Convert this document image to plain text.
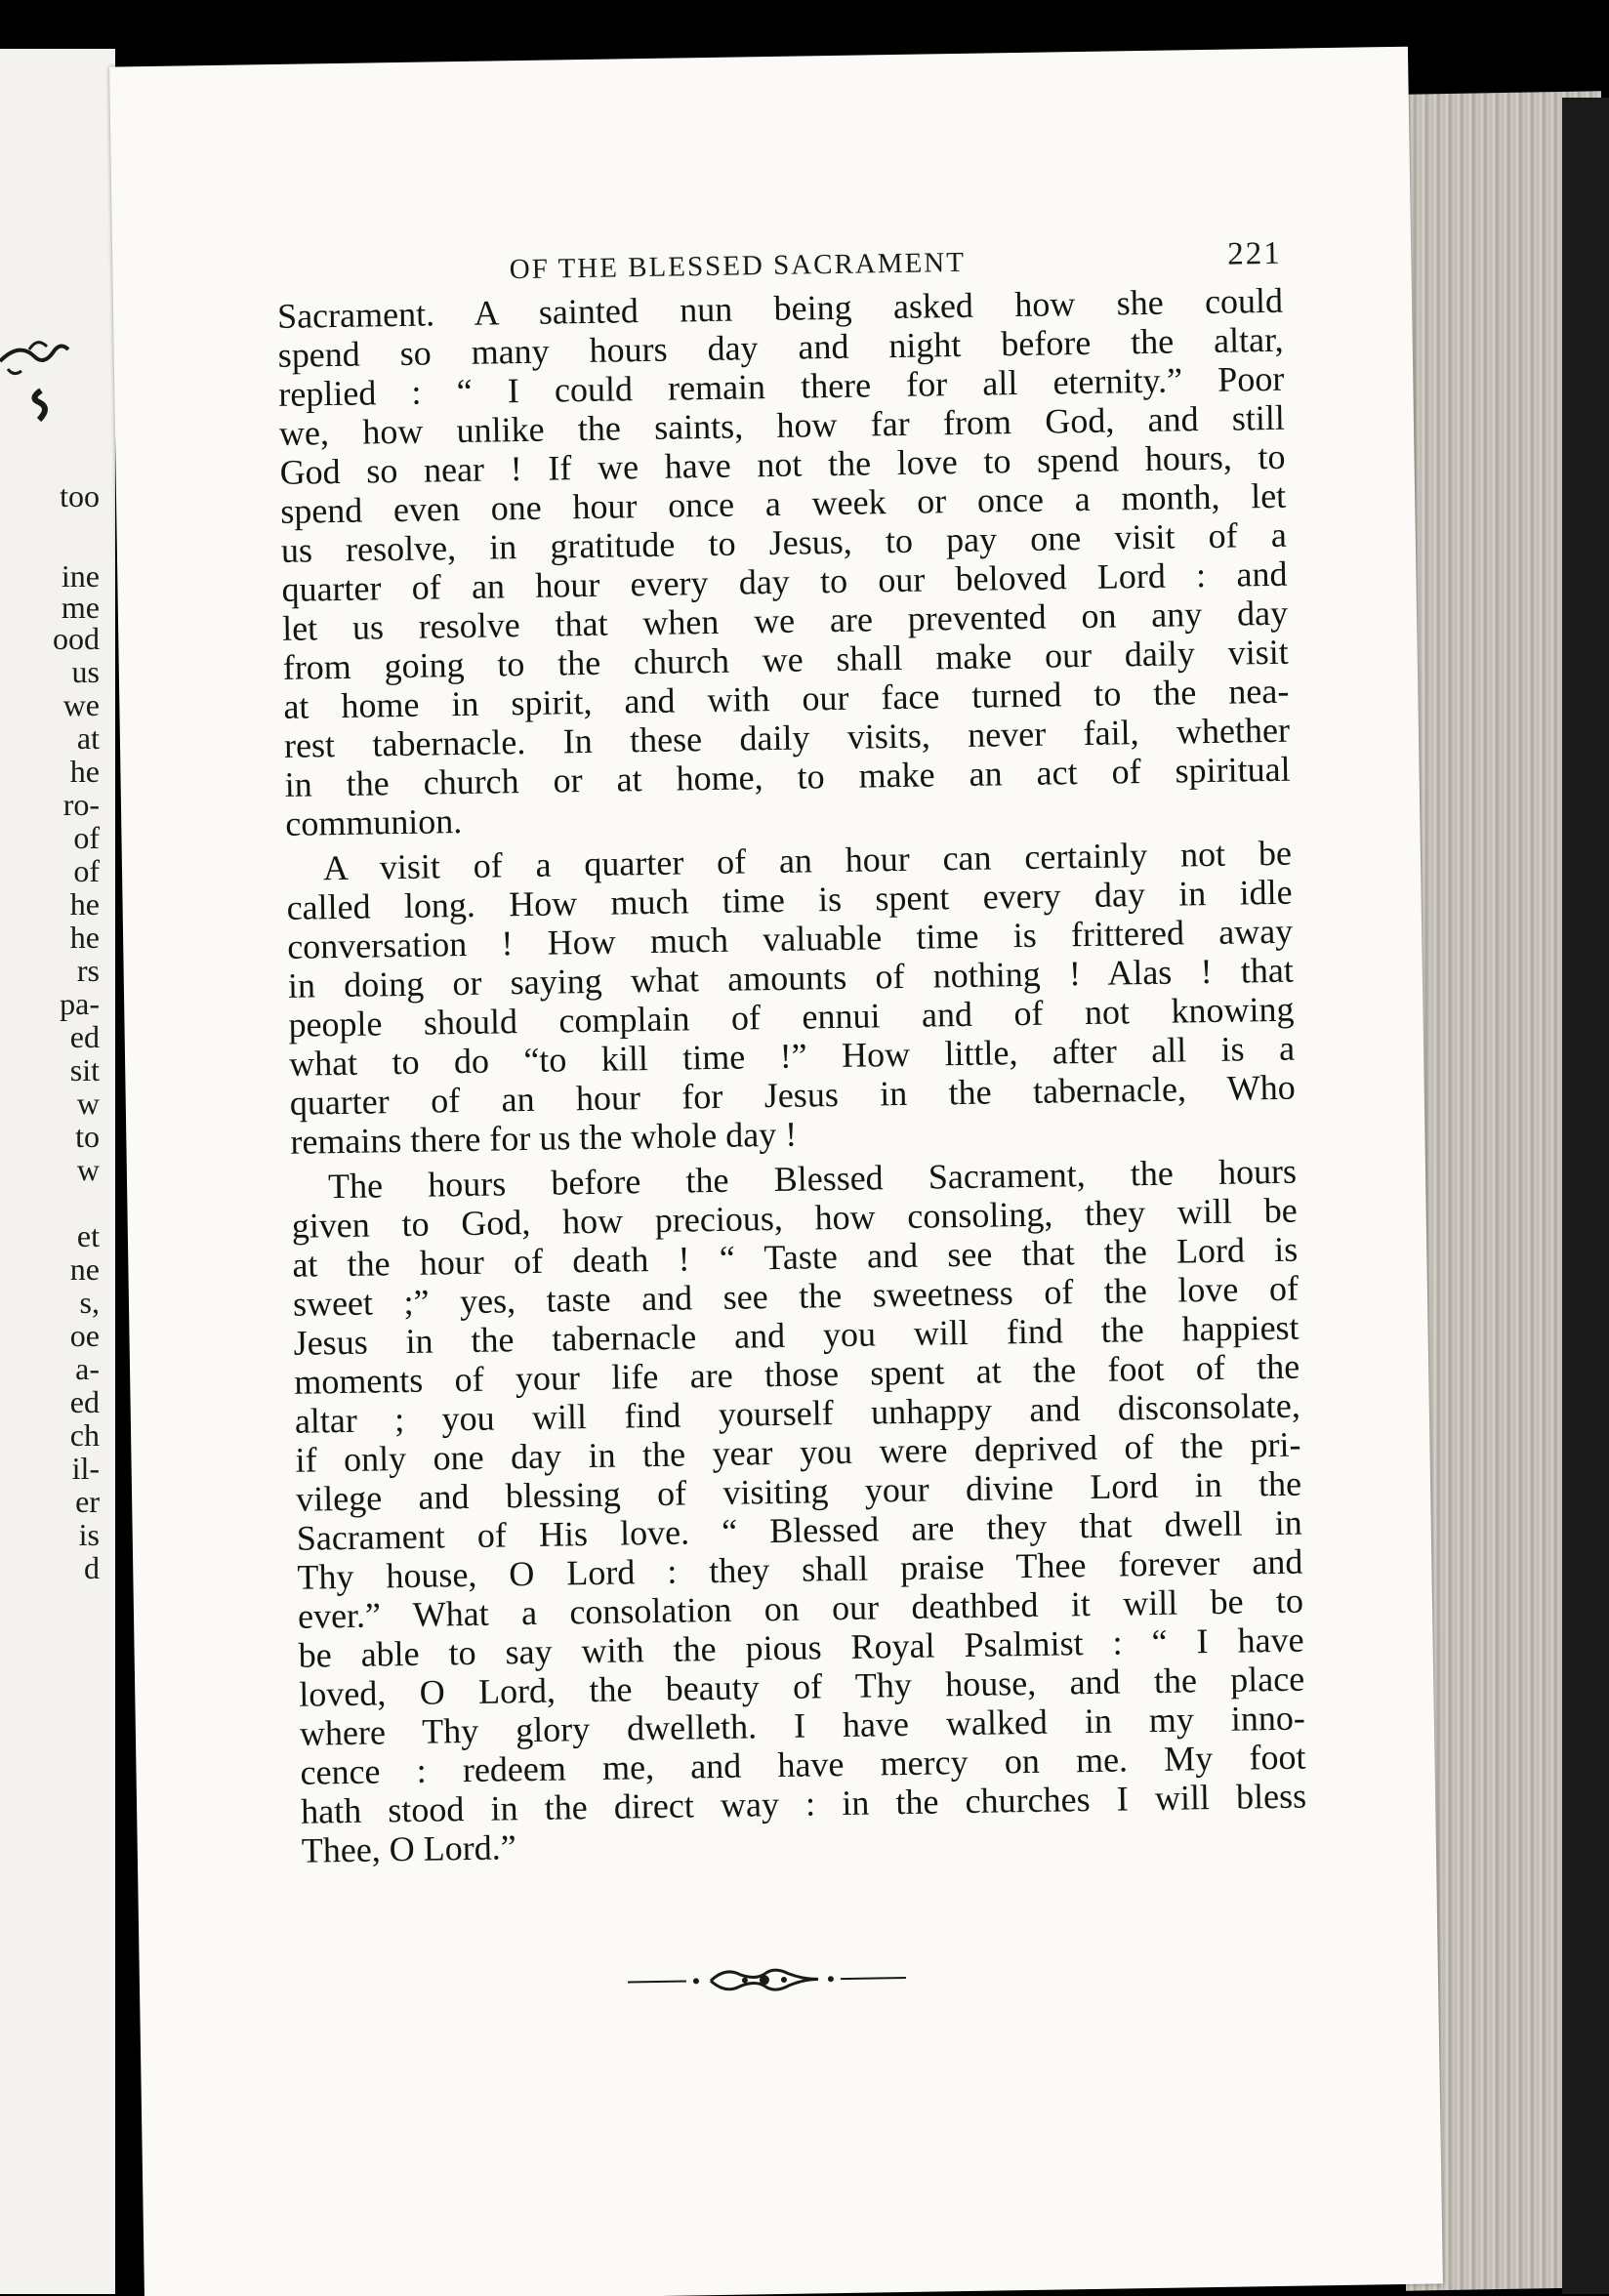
too
ine
me
ood
us
we
at
he
ro-
of
of
he
he
rs
pa-
ed
sit
w
to
w
et
ne
s,
oe
a-
ed
ch
il-
er
is
d
OF THE BLESSED SACRAMENT	221
Sacrament. A sainted nun being asked how she could
spend so many hours day and night before the altar,
replied : “ I could remain there for all eternity.” Poor
we, how unlike the saints, how far from God, and still
God so near ! If we have not the love to spend hours, to
spend even one hour once a week or once a month, let
us resolve, in gratitude to Jesus, to pay one visit of a
quarter of an hour every day to our beloved Lord : and
let us resolve that when we are prevented on any day
from going to the church we shall make our daily visit
at home in spirit, and with our face turned to the nea-
rest tabernacle. In these daily visits, never fail, whether
in the church or at home, to make an act of spiritual
communion.
A visit of a quarter of an hour can certainly not be
called long. How much time is spent every day in idle
conversation ! How much valuable time is frittered away
in doing or saying what amounts of nothing ! Alas ! that
people should complain of ennui and of not knowing
what to do “to kill time !” How little, after all is a
quarter of an hour for Jesus in the tabernacle, Who
remains there for us the whole day !
The hours before the Blessed Sacrament, the hours
given to God, how precious, how consoling, they will be
at the hour of death ! “ Taste and see that the Lord is
sweet ;” yes, taste and see the sweetness of the love of
Jesus in the tabernacle and you will find the happiest
moments of your life are those spent at the foot of the
altar ; you will find yourself unhappy and disconsolate,
if only one day in the year you were deprived of the pri-
vilege and blessing of visiting your divine Lord in the
Sacrament of His love. “ Blessed are they that dwell in
Thy house, O Lord : they shall praise Thee forever and
ever.” What a consolation on our deathbed it will be to
be able to say with the pious Royal Psalmist : “ I have
loved, O Lord, the beauty of Thy house, and the place
where Thy glory dwelleth. I have walked in my inno-
cence : redeem me, and have mercy on me. My foot
hath stood in the direct way : in the churches I will bless
Thee, O Lord.”
